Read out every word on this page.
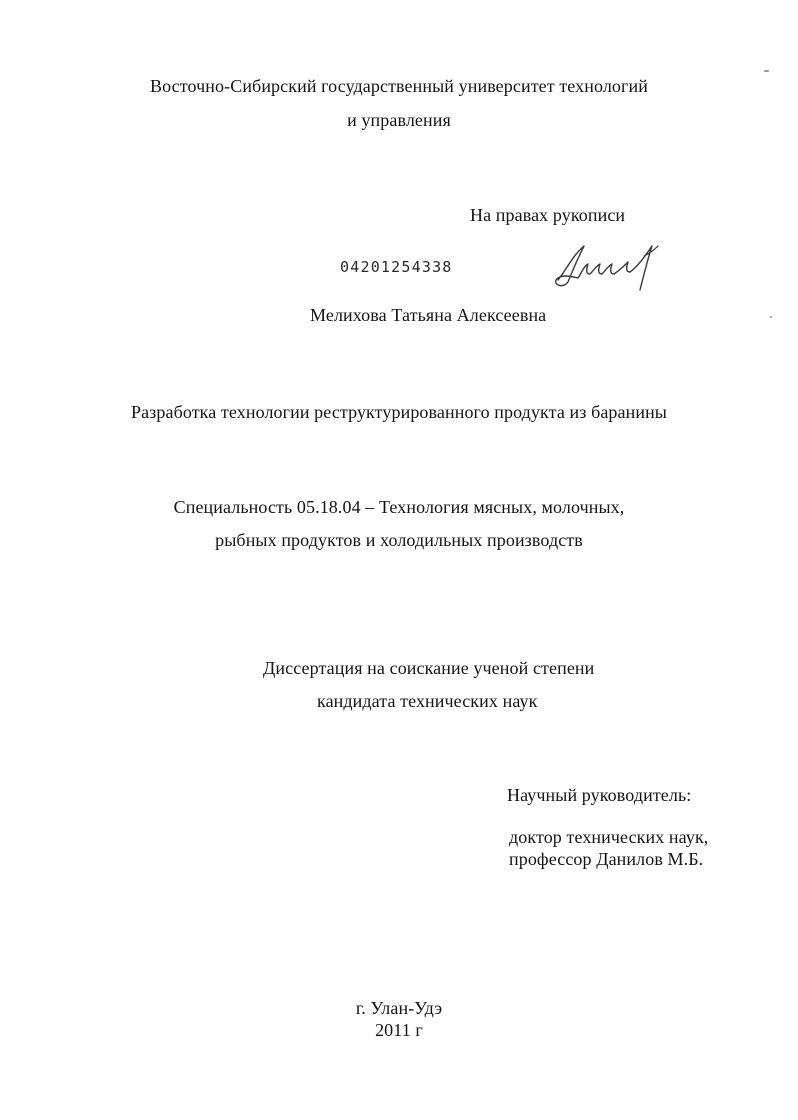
Восточно-Сибирский государственный университет технологий
и управления
На правах рукописи
04201254338
Мелихова Татьяна Алексеевна
Разработка технологии реструктурированного продукта из баранины
Специальность 05.18.04 – Технология мясных, молочных,
рыбных продуктов и холодильных производств
Диссертация на соискание ученой степени
кандидата технических наук
Научный руководитель:
доктор технических наук,
профессор Данилов М.Б.
г. Улан-Удэ
2011 г
